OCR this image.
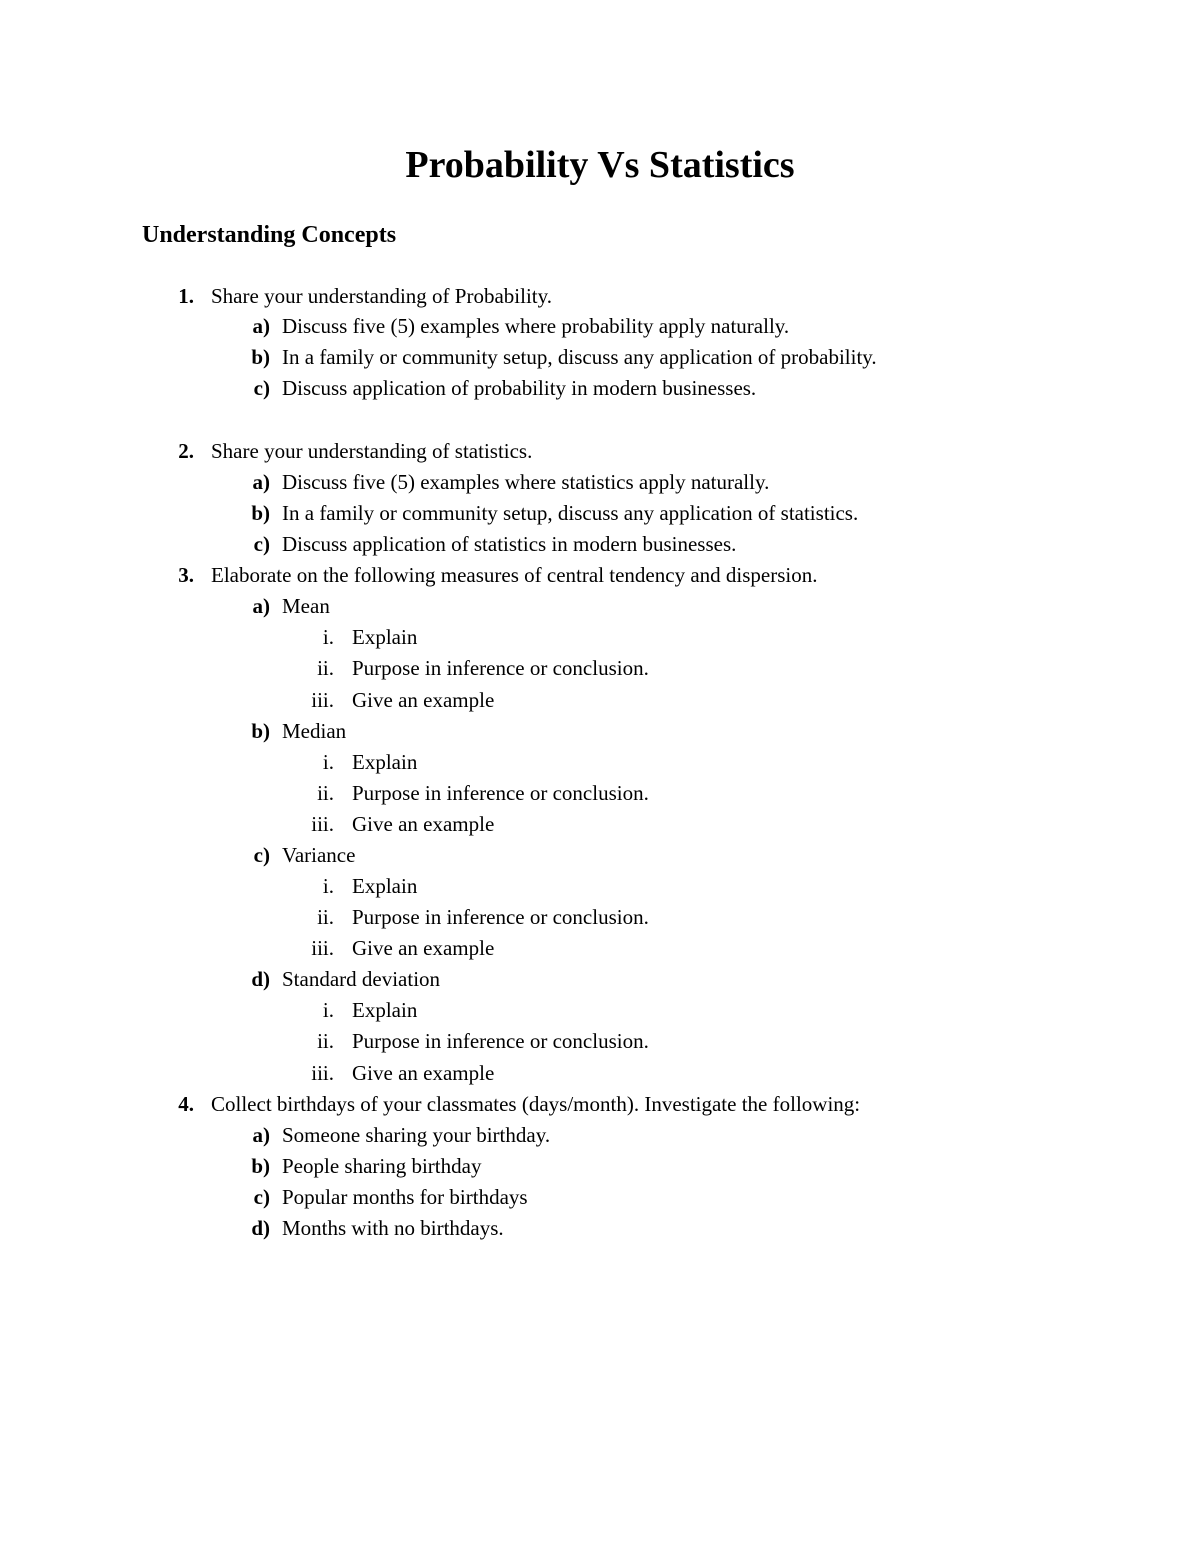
Probability Vs Statistics
Understanding Concepts
1. Share your understanding of Probability.
a) Discuss five (5) examples where probability apply naturally.
b) In a family or community setup, discuss any application of probability.
c) Discuss application of probability in modern businesses.
2. Share your understanding of statistics.
a) Discuss five (5) examples where statistics apply naturally.
b) In a family or community setup, discuss any application of statistics.
c) Discuss application of statistics in modern businesses.
3. Elaborate on the following measures of central tendency and dispersion.
a) Mean
i. Explain
ii. Purpose in inference or conclusion.
iii. Give an example
b) Median
i. Explain
ii. Purpose in inference or conclusion.
iii. Give an example
c) Variance
i. Explain
ii. Purpose in inference or conclusion.
iii. Give an example
d) Standard deviation
i. Explain
ii. Purpose in inference or conclusion.
iii. Give an example
4. Collect birthdays of your classmates (days/month). Investigate the following:
a) Someone sharing your birthday.
b) People sharing birthday
c) Popular months for birthdays
d) Months with no birthdays.
